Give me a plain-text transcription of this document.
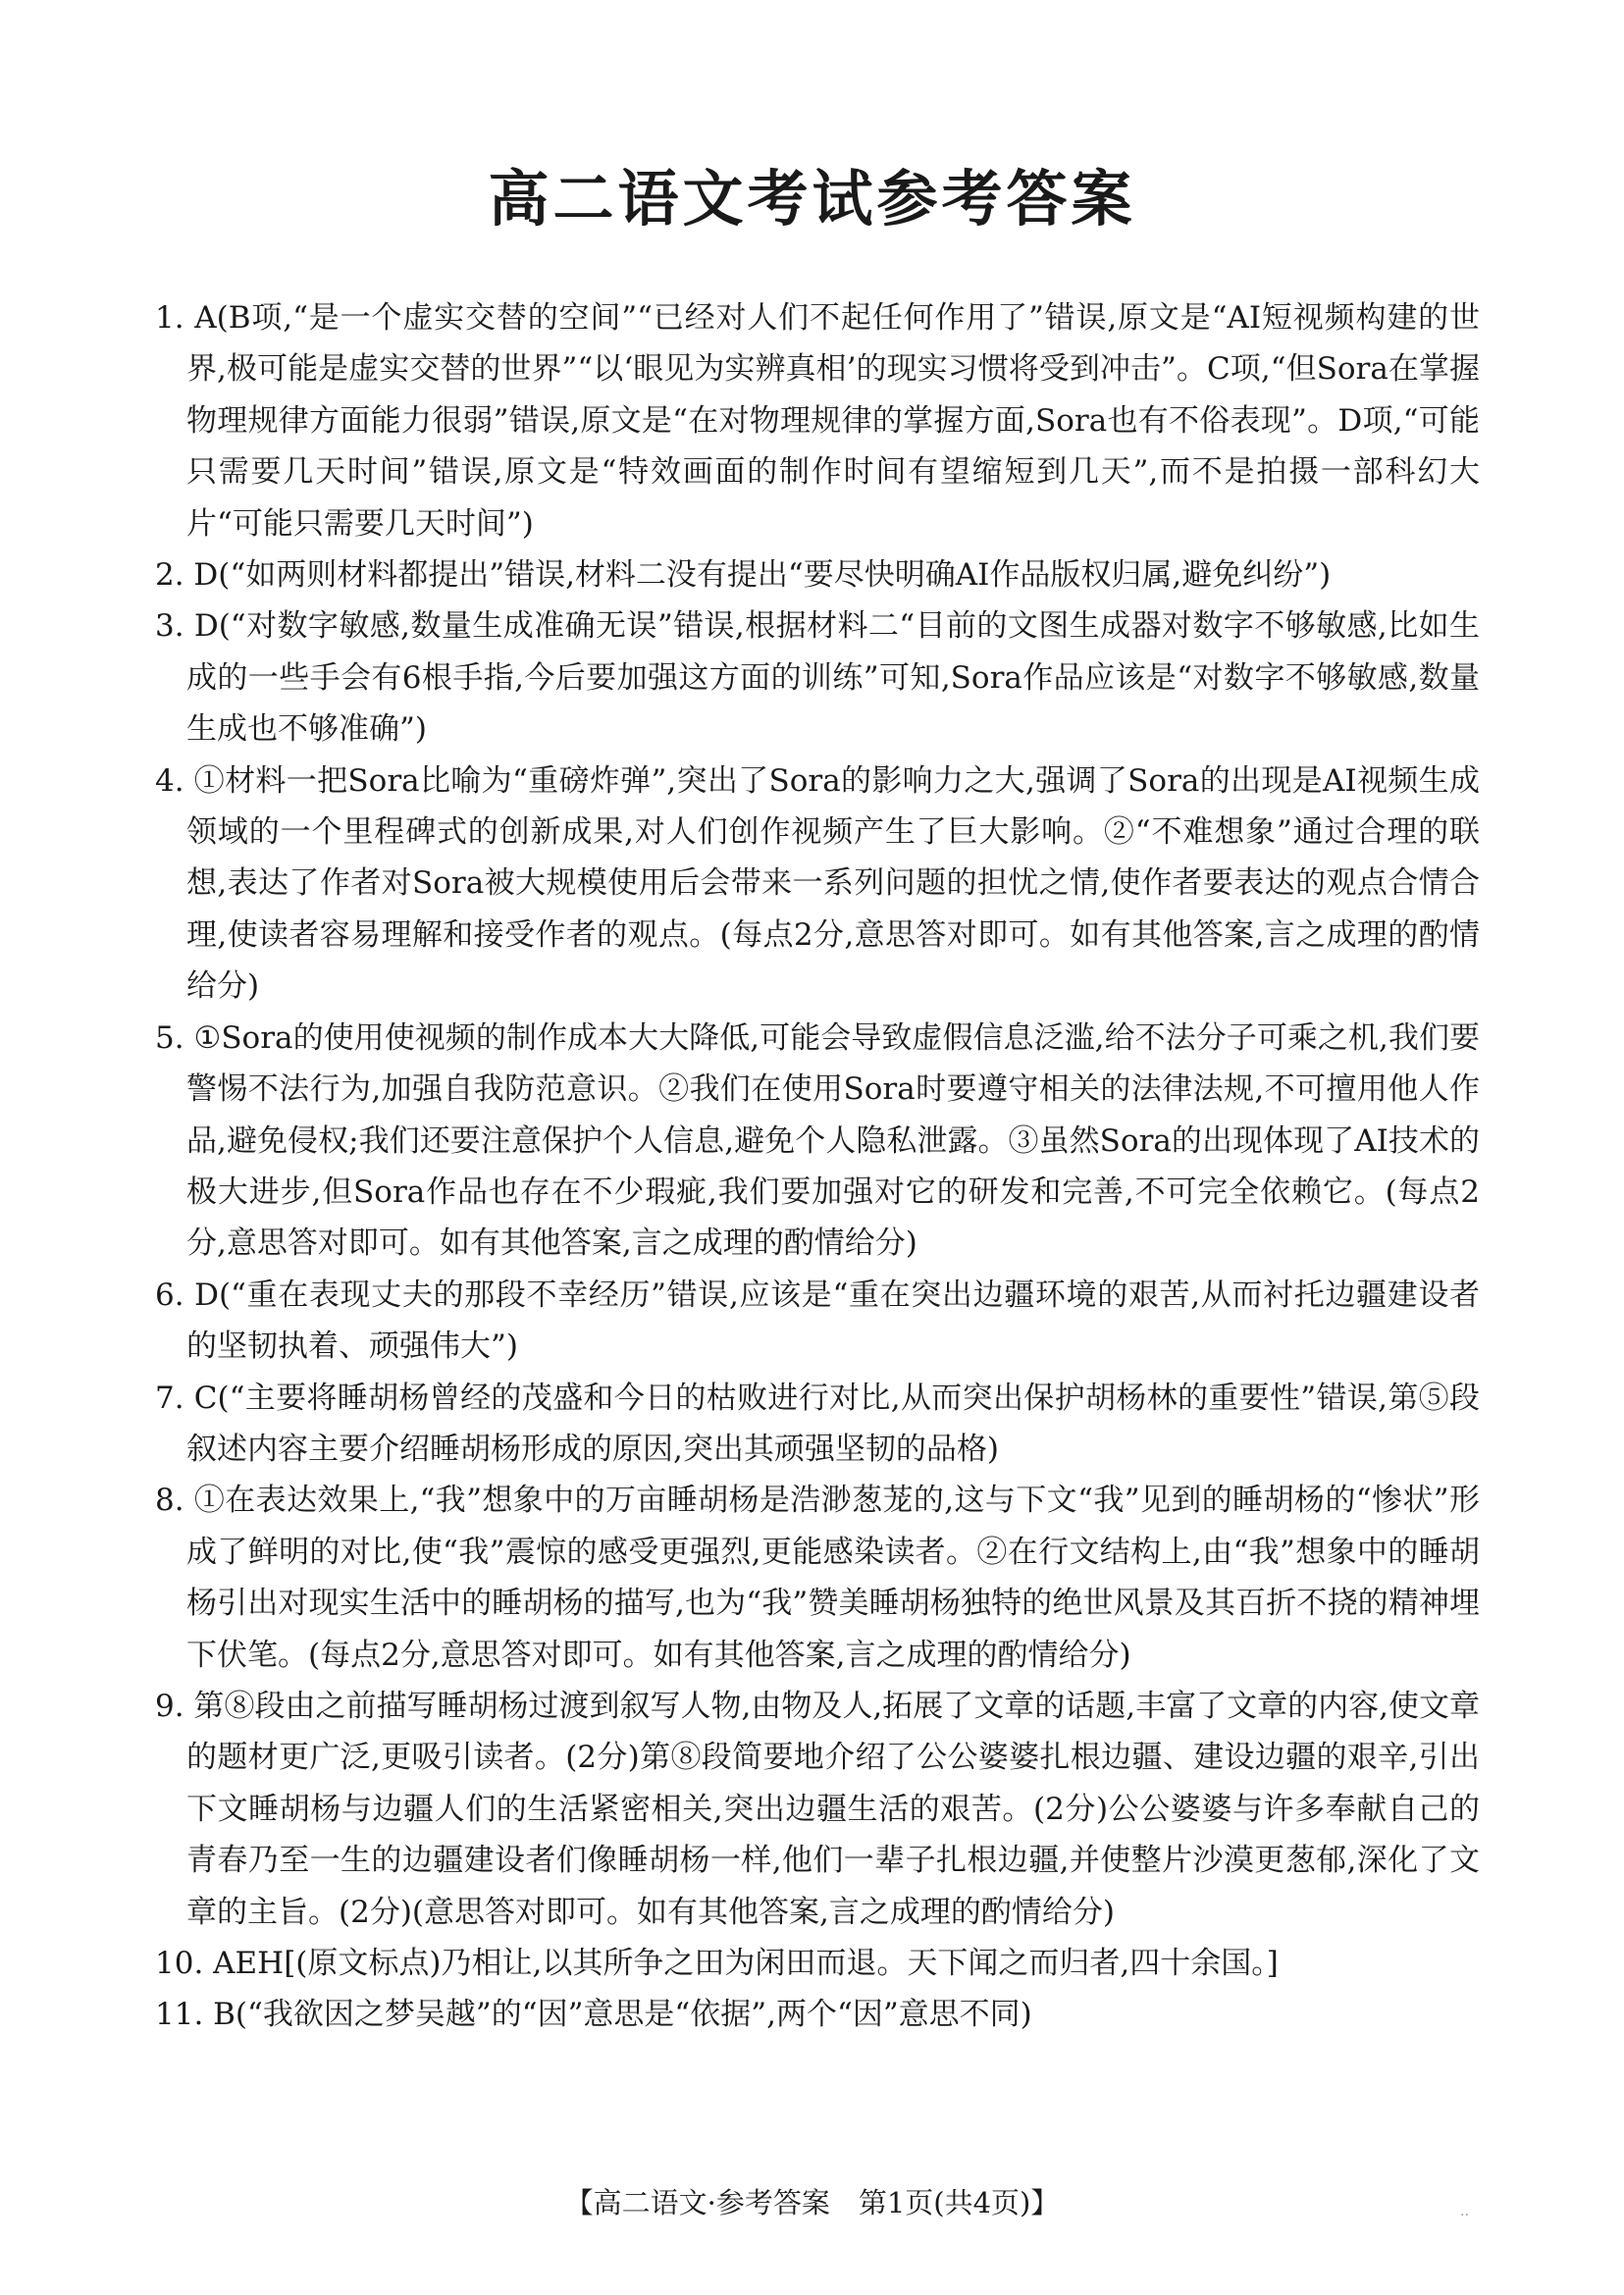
高二语文考试参考答案

1. A(B项,“是一个虚实交替的空间”“已经对人们不起任何作用了”错误,原文是“AI短视频构建的世界,极可能是虚实交替的世界”“以‘眼见为实辨真相’的现实习惯将受到冲击”。C项,“但Sora在掌握物理规律方面能力很弱”错误,原文是“在对物理规律的掌握方面,Sora也有不俗表现”。D项,“可能只需要几天时间”错误,原文是“特效画面的制作时间有望缩短到几天”,而不是拍摄一部科幻大片“可能只需要几天时间”)

2. D(“如两则材料都提出”错误,材料二没有提出“要尽快明确AI作品版权归属,避免纠纷”)

3. D(“对数字敏感,数量生成准确无误”错误,根据材料二“目前的文图生成器对数字不够敏感,比如生成的一些手会有6根手指,今后要加强这方面的训练”可知,Sora作品应该是“对数字不够敏感,数量生成也不够准确”)

4. ①材料一把Sora比喻为“重磅炸弹”,突出了Sora的影响力之大,强调了Sora的出现是AI视频生成领域的一个里程碑式的创新成果,对人们创作视频产生了巨大影响。②“不难想象”通过合理的联想,表达了作者对Sora被大规模使用后会带来一系列问题的担忧之情,使作者要表达的观点合情合理,使读者容易理解和接受作者的观点。(每点2分,意思答对即可。如有其他答案,言之成理的酌情给分)

5. ①Sora的使用使视频的制作成本大大降低,可能会导致虚假信息泛滥,给不法分子可乘之机,我们要警惕不法行为,加强自我防范意识。②我们在使用Sora时要遵守相关的法律法规,不可擅用他人作品,避免侵权;我们还要注意保护个人信息,避免个人隐私泄露。③虽然Sora的出现体现了AI技术的极大进步,但Sora作品也存在不少瑕疵,我们要加强对它的研发和完善,不可完全依赖它。(每点2分,意思答对即可。如有其他答案,言之成理的酌情给分)

6. D(“重在表现丈夫的那段不幸经历”错误,应该是“重在突出边疆环境的艰苦,从而衬托边疆建设者的坚韧执着、顽强伟大”)

7. C(“主要将睡胡杨曾经的茂盛和今日的枯败进行对比,从而突出保护胡杨林的重要性”错误,第⑤段叙述内容主要介绍睡胡杨形成的原因,突出其顽强坚韧的品格)

8. ①在表达效果上,“我”想象中的万亩睡胡杨是浩渺葱茏的,这与下文“我”见到的睡胡杨的“惨状”形成了鲜明的对比,使“我”震惊的感受更强烈,更能感染读者。②在行文结构上,由“我”想象中的睡胡杨引出对现实生活中的睡胡杨的描写,也为“我”赞美睡胡杨独特的绝世风景及其百折不挠的精神埋下伏笔。(每点2分,意思答对即可。如有其他答案,言之成理的酌情给分)

9. 第⑧段由之前描写睡胡杨过渡到叙写人物,由物及人,拓展了文章的话题,丰富了文章的内容,使文章的题材更广泛,更吸引读者。(2分)第⑧段简要地介绍了公公婆婆扎根边疆、建设边疆的艰辛,引出下文睡胡杨与边疆人们的生活紧密相关,突出边疆生活的艰苦。(2分)公公婆婆与许多奉献自己的青春乃至一生的边疆建设者们像睡胡杨一样,他们一辈子扎根边疆,并使整片沙漠更葱郁,深化了文章的主旨。(2分)(意思答对即可。如有其他答案,言之成理的酌情给分)

10. AEH[(原文标点)乃相让,以其所争之田为闲田而退。天下闻之而归者,四十余国。]

11. B(“我欲因之梦吴越”的“因”意思是“依据”,两个“因”意思不同)

【高二语文·参考答案　第1页(共4页)】	··
